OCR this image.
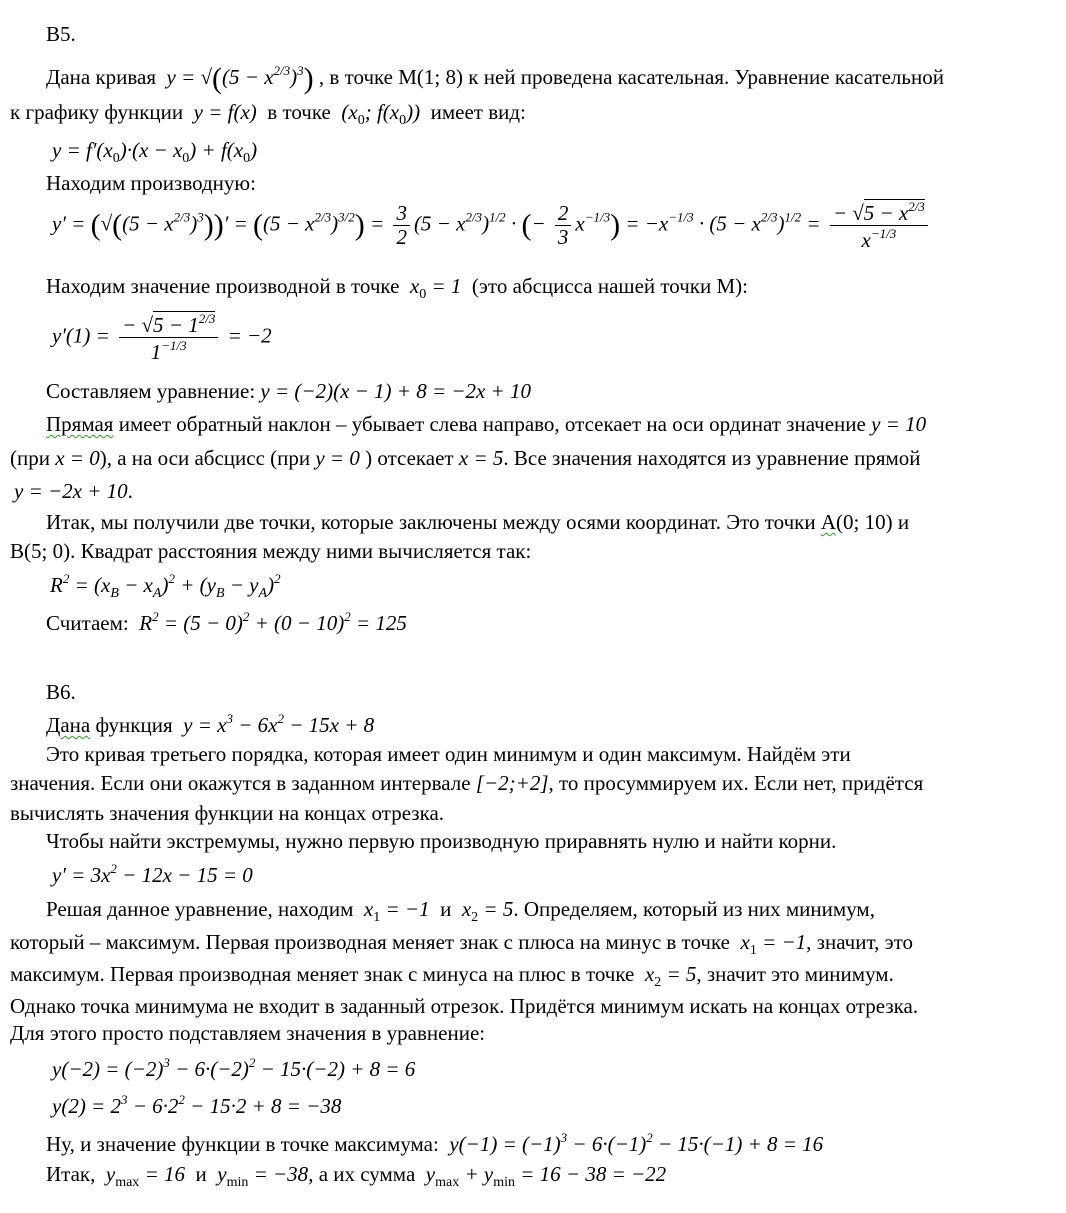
B5.
Дана кривая  $y = √((5 - x^{2/3})^3)$ , в точке M(1; 8) к ней проведена касательная. Уравнение касательной
к графику функции  y = f(x)  в точке  ($x_0$; $f(x_0)$)  имеет вид:
$y = f'(x_0)\cdot(x - x_0) + f(x_0)$
Находим производную:
$y' = (√((5 - x^{2/3})^3))' = ((5 - x^{2/3})^{3/2}) = \frac{3}{2} (5 - x^{2/3})^{1/2}$ · (− $\frac{2}{3} x^{-1/3}) = -x^{-1/3} \cdot (5 - x^{2/3})^{1/2} = \frac{- √5 - x^{2/3}}{x^{-1/3}}$
Находим значение производной в точке  $x_0 = 1$  (это абсцисса нашей точки M):
$y'(1) = \frac{- √5 - 1^{2/3}}{1^{-1/3}} = -2$
Составляем уравнение: y = (−2)(x − 1) + 8 = −2x + 10
Прямая имеет обратный наклон – убывает слева направо, отсекает на оси ординат значение y = 10
(при x = 0), а на оси абсцисс (при y = 0 ) отсекает x = 5. Все значения находятся из уравнение прямой
y = −2x + 10.
Итак, мы получили две точки, которые заключены между осями координат. Это точки A(0; 10) и
B(5; 0). Квадрат расстояния между ними вычисляется так:
$R^2 = (x_B - x_A)^2 + (y_B - y_A)^2$
Считаем:  $R^2 = (5 - 0)^2 + (0 - 10)^2 = 125$
B6.
Дана функция  $y = x^3 - 6x^2 - 15x + 8$
Это кривая третьего порядка, которая имеет один минимум и один максимум. Найдём эти
значения. Если они окажутся в заданном интервале [−2;+2], то просуммируем их. Если нет, придётся
вычислять значения функции на концах отрезка.
Чтобы найти экстремумы, нужно первую производную приравнять нулю и найти корни.
$y' = 3x^2 - 12x - 15 = 0$
Решая данное уравнение, находим  $x_1 = -1$  и  $x_2 = 5$. Определяем, который из них минимум,
который – максимум. Первая производная меняет знак с плюса на минус в точке  $x_1 = -1$, значит, это
максимум. Первая производная меняет знак с минуса на плюс в точке  $x_2 = 5$, значит это минимум.
Однако точка минимума не входит в заданный отрезок. Придётся минимум искать на концах отрезка.
Для этого просто подставляем значения в уравнение:
$y(-2) = (-2)^3 - 6\cdot(-2)^2 - 15\cdot(-2) + 8 = 6$
$y(2) = 2^3 - 6\cdot 2^2 - 15\cdot 2 + 8 = -38$
Ну, и значение функции в точке максимума:  $y(-1) = (-1)^3 - 6\cdot(-1)^2 - 15\cdot(-1) + 8 = 16$
Итак,  $y_{max} = 16$  и  $y_{min} = -38$, а их сумма  $y_{max} + y_{min} = 16 - 38 = -22$
